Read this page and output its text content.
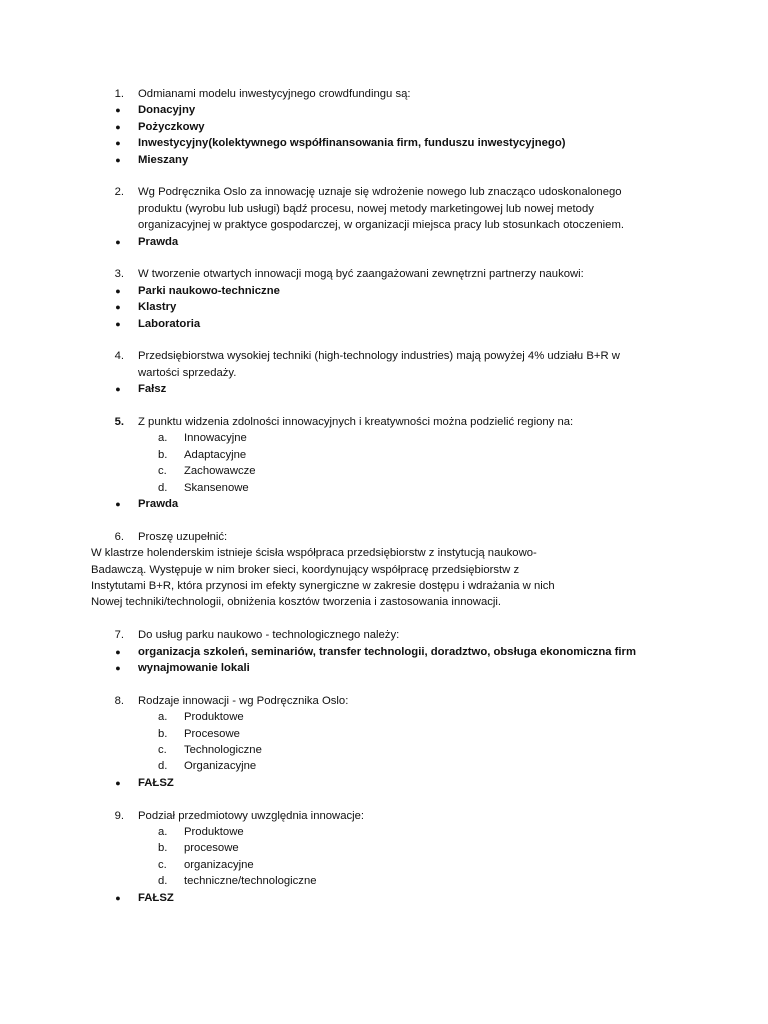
1. Odmianami modelu inwestycyjnego crowdfundingu są:
● Donacyjny
● Pożyczkowy
● Inwestycyjny(kolektywnego współfinansowania firm, funduszu inwestycyjnego)
● Mieszany
2. Wg Podręcznika Oslo za innowację uznaje się wdrożenie nowego lub znacząco udoskonalonego
produktu (wyrobu lub usługi) bądź procesu, nowej metody marketingowej lub nowej metody
organizacyjnej w praktyce gospodarczej, w organizacji miejsca pracy lub stosunkach otoczeniem.
● Prawda
3. W tworzenie otwartych innowacji mogą być zaangażowani zewnętrzni partnerzy naukowi:
● Parki naukowo-techniczne
● Klastry
● Laboratoria
4. Przedsiębiorstwa wysokiej techniki (high-technology industries) mają powyżej 4% udziału B+R w
wartości sprzedaży.
● Fałsz
5. Z punktu widzenia zdolności innowacyjnych i kreatywności można podzielić regiony na:
a.	Innowacyjne
b.	Adaptacyjne
c.	Zachowawcze
d.	Skansenowe
● Prawda
6. Proszę uzupełnić:
W klastrze holenderskim istnieje ścisła współpraca przedsiębiorstw z instytucją naukowo-
Badawczą. Występuje w nim broker sieci, koordynujący współpracę przedsiębiorstw z
Instytutami B+R, która przynosi im efekty synergiczne w zakresie dostępu i wdrażania w nich
Nowej techniki/technologii, obniżenia kosztów tworzenia i zastosowania innowacji.
7. Do usług parku naukowo - technologicznego należy:
● organizacja szkoleń, seminariów, transfer technologii, doradztwo, obsługa ekonomiczna firm
● wynajmowanie lokali
8. Rodzaje innowacji - wg Podręcznika Oslo:
a.	Produktowe
b.	Procesowe
c.	Technologiczne
d.	Organizacyjne
● FAŁSZ
9. Podział przedmiotowy uwzględnia innowacje:
a.	Produktowe
b.	procesowe
c.	organizacyjne
d.	techniczne/technologiczne
● FAŁSZ
